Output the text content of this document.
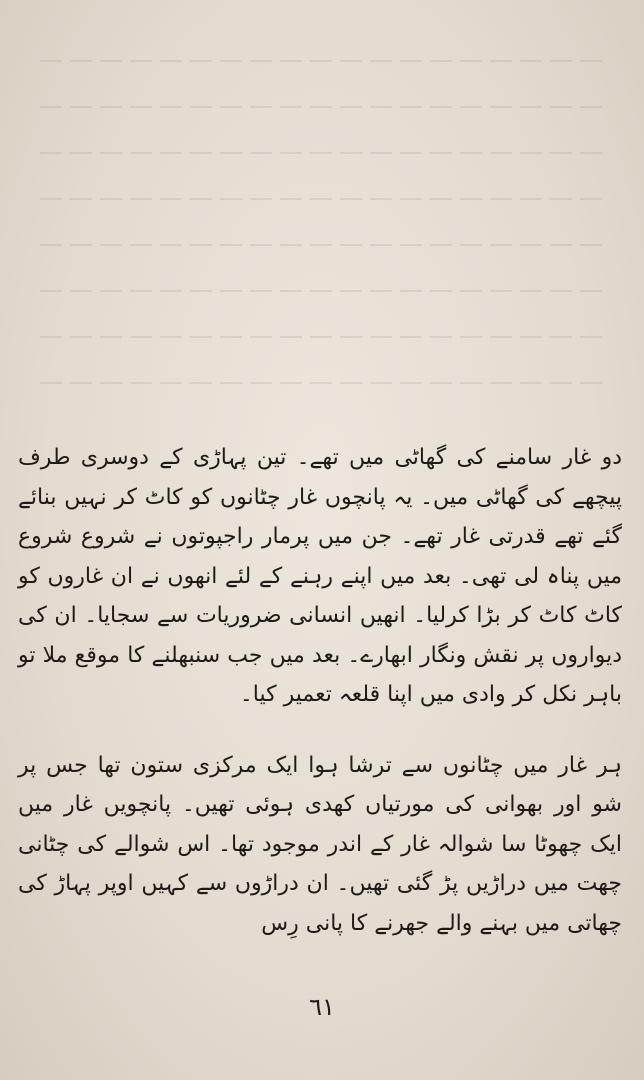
دو غار سامنے کی گھاٹی میں تھے۔ تین پہاڑی کے دوسری طرف پیچھے کی گھاٹی میں۔ یہ پانچوں غار چٹانوں کو کاٹ کر نہیں بنائے گئے تھے قدرتی غار تھے۔ جن میں پرمار راجپوتوں نے شروع شروع میں پناہ لی تھی۔ بعد میں اپنے رہنے کے لئے انھوں نے ان غاروں کو کاٹ کاٹ کر بڑا کرلیا۔ انھیں انسانی ضروریات سے سجایا۔ ان کی دیواروں پر نقش ونگار ابھارے۔ بعد میں جب سنبھلنے کا موقع ملا تو باہر نکل کر وادی میں اپنا قلعہ تعمیر کیا۔

ہر غار میں چٹانوں سے ترشا ہوا ایک مرکزی ستون تھا جس پر شو اور بھوانی کی مورتیاں کھدی ہوئی تھیں۔ پانچویں غار میں ایک چھوٹا سا شوالہ غار کے اندر موجود تھا۔ اس شوالے کی چٹانی چھت میں دراڑیں پڑ گئی تھیں۔ ان دراڑوں سے کہیں اوپر پہاڑ کی چھاتی میں بہنے والے جھرنے کا پانی رِس

٦١
